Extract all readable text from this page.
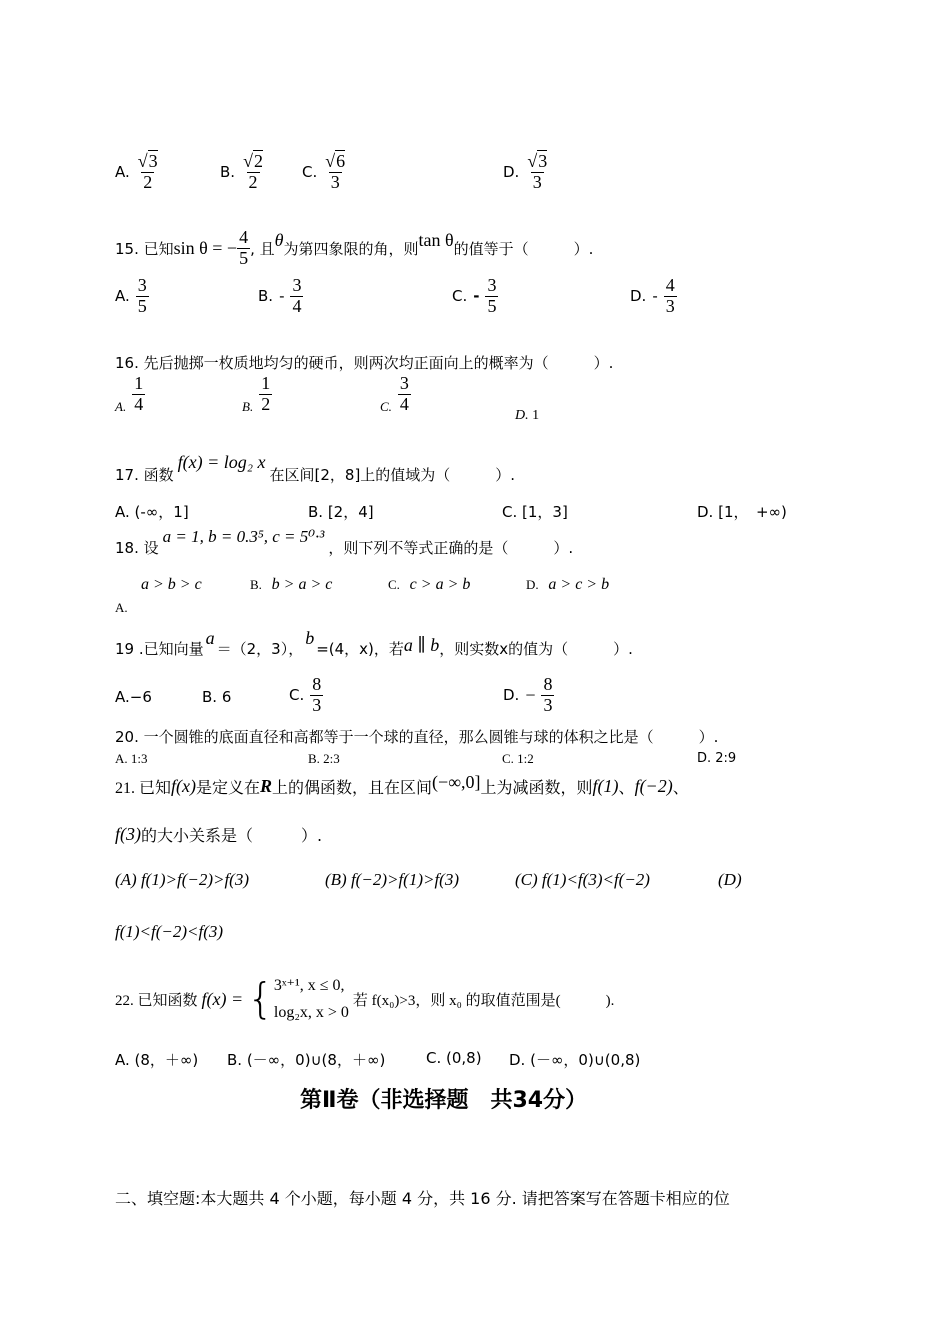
A. $\frac{√3}{2}$	B. $\frac{√2}{2} C$. $\frac{√6}{3}$	D. $\frac{√3}{3}$
15. 已知 sin θ = − $\frac{4}{5}$ , 且 θ 为第四象限的角，则 tan θ 的值等于（　　　）.
A. $\frac{3}{5}$	B. - $\frac{3}{4}$	C. - $\frac{3}{5}$	D. - $\frac{4}{3}$
16. 先后抛掷一枚质地均匀的硬币，则两次均正面向上的概率为（　　　）.
A. $\frac{1}{4}$	B. $\frac{1}{2}$	C. $\frac{3}{4}$
D. 1
17. 函数
f(x) = log₂ x
在区间[2，8]上的值域为（　　　）.
A. (-∞，1]	B. [2，4]	C. [1，3]	D. [1，　+∞)
18. 设
a = 1, b = 0.3⁵, c = 5⁰·³
，则下列不等式正确的是（　　　）.
a > b > c
A.
B. b > a > c	C. c > a > b	D. a > c > b
19 .已知向量
a
＝（2，3），
b
=(4，x)，若 a ∥ b ，则实数x的值为（　　　）.
A.−6	B. 6	C. $\frac{8}{3}$	D. − $\frac{8}{3}$
20. 一个圆锥的底面直径和高都等于一个球的直径，那么圆锥与球的体积之比是（　　　）.
A. 1:3	B. 2:3	C. 1:2	D. 2:9
21. 已知 f(x) 是定义在 R 上的偶函数，且在区间 (−∞,0] 上为减函数，则 f(1) 、 f(−2) 、
f(3) 的大小关系是（　　　）.
(A) f(1)>f(−2)>f(3)	(B) f(−2)>f(1)>f(3)	(C) f(1)<f(3)<f(−2)	(D)
f(1)<f(−2)<f(3)
22. 已知函数 f(x) = { 3ˣ⁺¹, x ≤ 0,
log₂x, x > 0
若 f(x₀)>3，则 x₀ 的取值范围是(　　　).
A. (8，＋∞) B. (－∞，0)∪(8，＋∞)	C. (0,8) D. (－∞，0)∪(0,8)
第Ⅱ卷（非选择题　共34分）
二、填空题:本大题共 4 个小题，每小题 4 分，共 16 分. 请把答案写在答题卡相应的位
